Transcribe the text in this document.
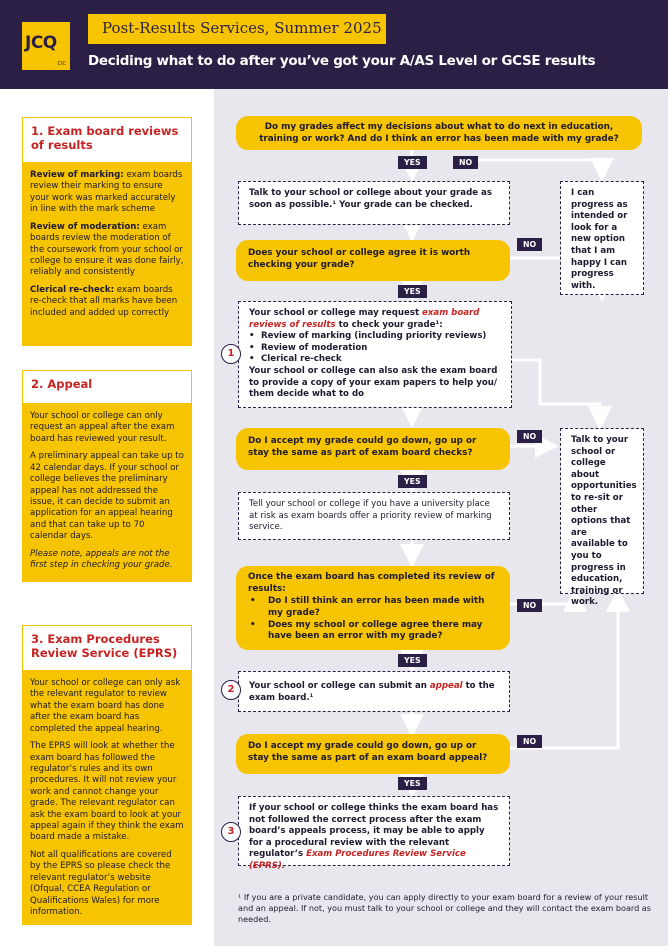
JCQ
CIC
Post-Results Services, Summer 2025
Deciding what to do after you’ve got your A/AS Level or GCSE results
1. Exam board reviews of results

Review of marking: exam boards review their marking to ensure your work was marked accurately in line with the mark scheme

Review of moderation: exam boards review the moderation of the coursework from your school or college to ensure it was done fairly, reliably and consistently

Clerical re-check: exam boards re-check that all marks have been included and added up correctly

2. Appeal

Your school or college can only request an appeal after the exam board has reviewed your result.

A preliminary appeal can take up to 42 calendar days. If your school or college believes the preliminary appeal has not addressed the issue, it can decide to submit an application for an appeal hearing and that can take up to 70 calendar days.

Please note, appeals are not the first step in checking your grade.

3. Exam Procedures Review Service (EPRS)

Your school or college can only ask the relevant regulator to review what the exam board has done after the exam board has completed the appeal hearing.

The EPRS will look at whether the exam board has followed the regulator’s rules and its own procedures. It will not review your work and cannot change your grade. The relevant regulator can ask the exam board to look at your appeal again if they think the exam board made a mistake.

Not all qualifications are covered by the EPRS so please check the relevant regulator’s website (Ofqual, CCEA Regulation or Qualifications Wales) for more information.

Do my grades affect my decisions about what to do next in education, training or work? And do I think an error has been made with my grade?
YES	NO
Talk to your school or college about your grade as soon as possible.¹ Your grade can be checked.
I can progress as intended or look for a new option that I am happy I can progress with.
Does your school or college agree it is worth checking your grade?
NO
YES
Your school or college may request exam board reviews of results to check your grade¹:
• Review of marking (including priority reviews)
• Review of moderation
• Clerical re-check
Your school or college can also ask the exam board to provide a copy of your exam papers to help you/ them decide what to do
1
Do I accept my grade could go down, go up or stay the same as part of exam board checks?
NO
YES
Tell your school or college if you have a university place at risk as exam boards offer a priority review of marking service.
Talk to your school or college about opportunities to re-sit or other options that are available to you to progress in education, training or work.
Once the exam board has completed its review of results:
• Do I still think an error has been made with my grade?
• Does my school or college agree there may have been an error with my grade?
NO
YES
Your school or college can submit an appeal to the exam board.¹
2
Do I accept my grade could go down, go up or stay the same as part of an exam board appeal?
NO
YES
If your school or college thinks the exam board has not followed the correct process after the exam board’s appeals process, it may be able to apply for a procedural review with the relevant regulator’s Exam Procedures Review Service (EPRS).
3
¹ If you are a private candidate, you can apply directly to your exam board for a review of your result and an appeal. If not, you must talk to your school or college and they will contact the exam board as needed.
